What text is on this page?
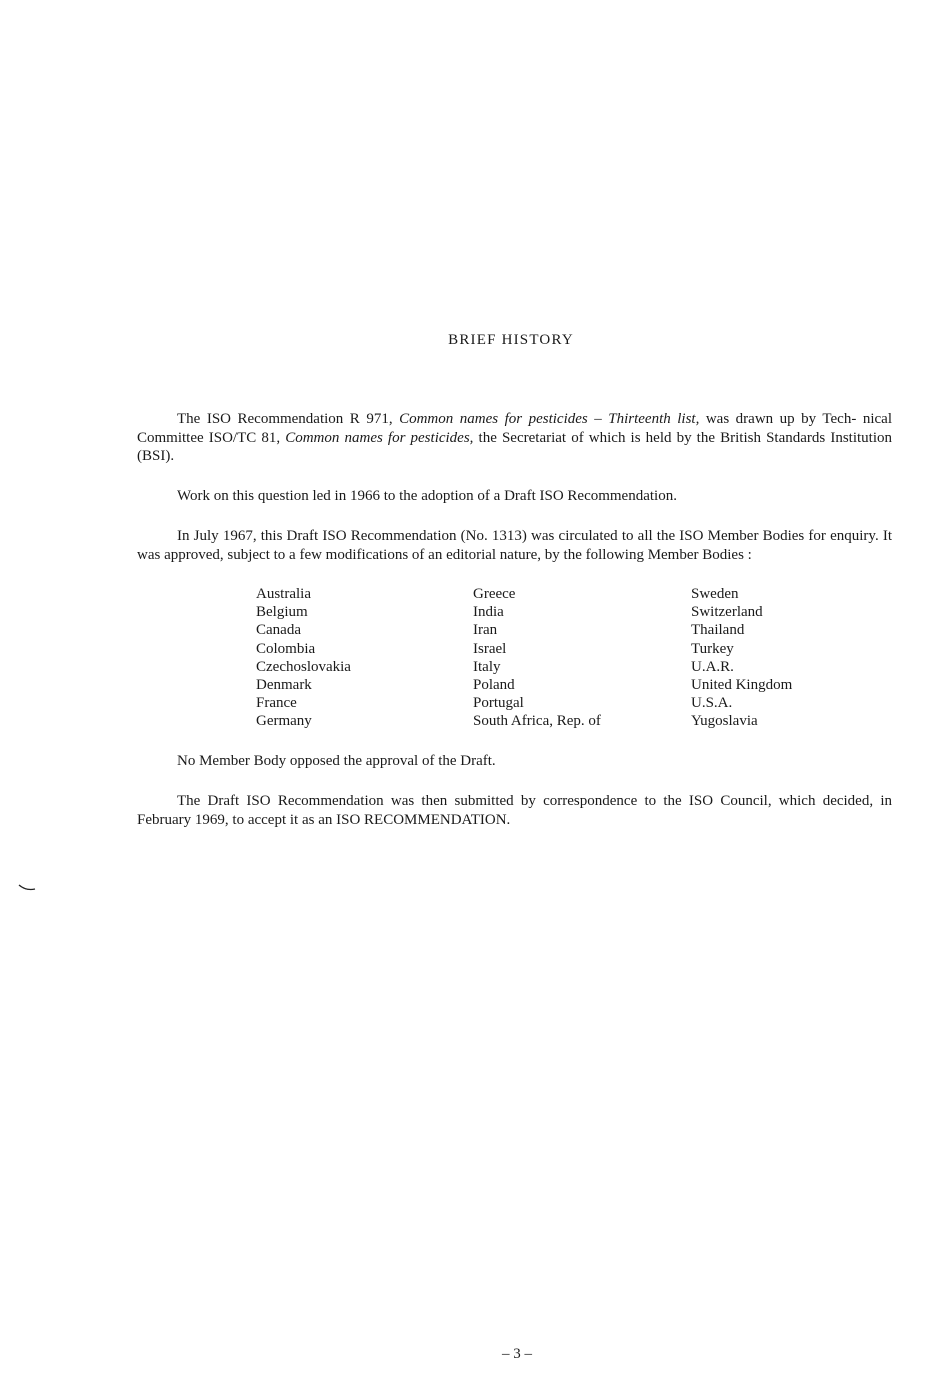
BRIEF HISTORY

The ISO Recommendation R 971, Common names for pesticides – Thirteenth list, was drawn up by Tech- nical Committee ISO/TC 81, Common names for pesticides, the Secretariat of which is held by the British Standards Institution (BSI).

Work on this question led in 1966 to the adoption of a Draft ISO Recommendation.

In July 1967, this Draft ISO Recommendation (No. 1313) was circulated to all the ISO Member Bodies for enquiry. It was approved, subject to a few modifications of an editorial nature, by the following Member Bodies :

Australia
Belgium
Canada
Colombia
Czechoslovakia
Denmark
France
Germany
Greece
India
Iran
Israel
Italy
Poland
Portugal
South Africa, Rep. of
Sweden
Switzerland
Thailand
Turkey
U.A.R.
United Kingdom
U.S.A.
Yugoslavia

No Member Body opposed the approval of the Draft.

The Draft ISO Recommendation was then submitted by correspondence to the ISO Council, which decided, in February 1969, to accept it as an ISO RECOMMENDATION.

– 3 –
